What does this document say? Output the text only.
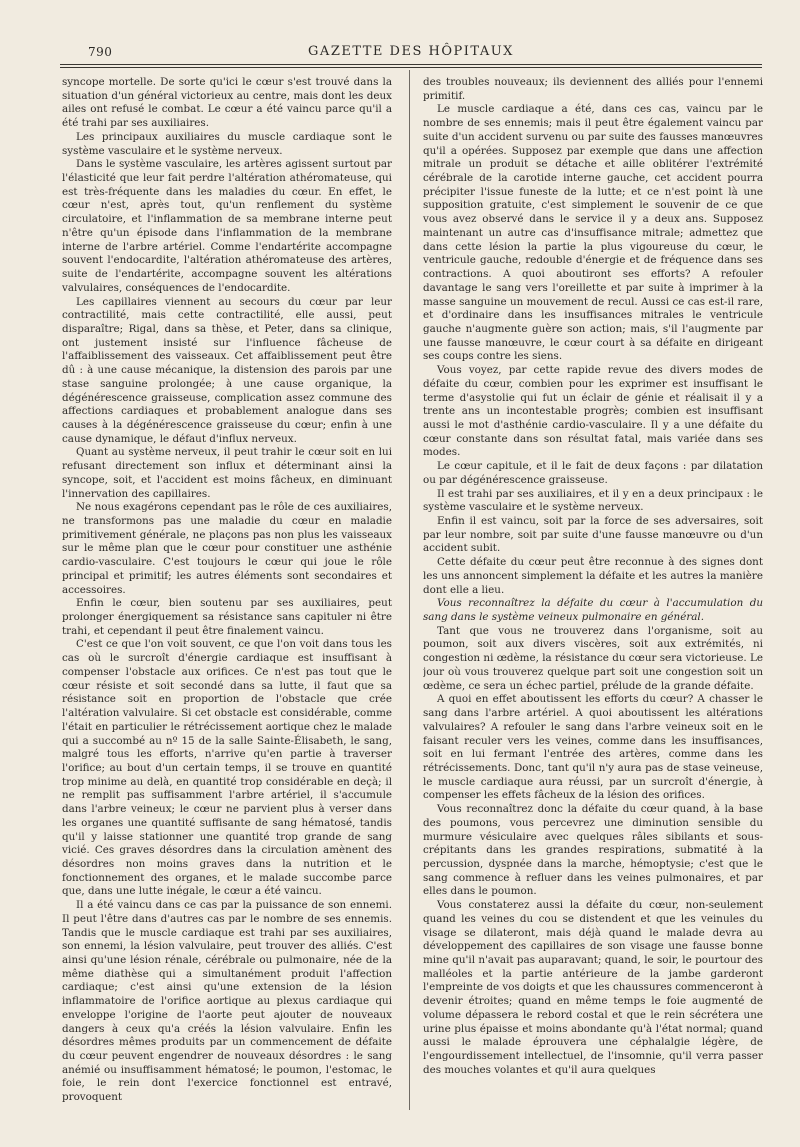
790	GAZETTE DES HÔPITAUX

syncope mortelle. De sorte qu'ici le cœur s'est trouvé dans la situation d'un général victorieux au centre, mais dont les deux ailes ont refusé le combat. Le cœur a été vaincu parce qu'il a été trahi par ses auxiliaires.

Les principaux auxiliaires du muscle cardiaque sont le système vasculaire et le système nerveux.

Dans le système vasculaire, les artères agissent surtout par l'élasticité que leur fait perdre l'altération athéromateuse, qui est très-fréquente dans les maladies du cœur. En effet, le cœur n'est, après tout, qu'un renflement du système circulatoire, et l'inflammation de sa membrane interne peut n'être qu'un épisode dans l'inflammation de la membrane interne de l'arbre artériel. Comme l'endartérite accompagne souvent l'endocardite, l'altération athéromateuse des artères, suite de l'endartérite, accompagne souvent les altérations valvulaires, conséquences de l'endocardite.

Les capillaires viennent au secours du cœur par leur contractilité, mais cette contractilité, elle aussi, peut disparaître; Rigal, dans sa thèse, et Peter, dans sa clinique, ont justement insisté sur l'influence fâcheuse de l'affaiblissement des vaisseaux. Cet affaiblissement peut être dû : à une cause mécanique, la distension des parois par une stase sanguine prolongée; à une cause organique, la dégénérescence graisseuse, complication assez commune des affections cardiaques et probablement analogue dans ses causes à la dégénérescence graisseuse du cœur; enfin à une cause dynamique, le défaut d'influx nerveux.

Quant au système nerveux, il peut trahir le cœur soit en lui refusant directement son influx et déterminant ainsi la syncope, soit, et l'accident est moins fâcheux, en diminuant l'innervation des capillaires.

Ne nous exagérons cependant pas le rôle de ces auxiliaires, ne transformons pas une maladie du cœur en maladie primitivement générale, ne plaçons pas non plus les vaisseaux sur le même plan que le cœur pour constituer une asthénie cardio-vasculaire. C'est toujours le cœur qui joue le rôle principal et primitif; les autres éléments sont secondaires et accessoires.

Enfin le cœur, bien soutenu par ses auxiliaires, peut prolonger énergiquement sa résistance sans capituler ni être trahi, et cependant il peut être finalement vaincu.

C'est ce que l'on voit souvent, ce que l'on voit dans tous les cas où le surcroît d'énergie cardiaque est insuffisant à compenser l'obstacle aux orifices. Ce n'est pas tout que le cœur résiste et soit secondé dans sa lutte, il faut que sa résistance soit en proportion de l'obstacle que crée l'altération valvulaire. Si cet obstacle est considérable, comme l'était en particulier le rétrécissement aortique chez le malade qui a succombé au nº 15 de la salle Sainte-Élisabeth, le sang, malgré tous les efforts, n'arrive qu'en partie à traverser l'orifice; au bout d'un certain temps, il se trouve en quantité trop minime au delà, en quantité trop considérable en deçà; il ne remplit pas suffisamment l'arbre artériel, il s'accumule dans l'arbre veineux; le cœur ne parvient plus à verser dans les organes une quantité suffisante de sang hématosé, tandis qu'il y laisse stationner une quantité trop grande de sang vicié. Ces graves désordres dans la circulation amènent des désordres non moins graves dans la nutrition et le fonctionnement des organes, et le malade succombe parce que, dans une lutte inégale, le cœur a été vaincu.

Il a été vaincu dans ce cas par la puissance de son ennemi. Il peut l'être dans d'autres cas par le nombre de ses ennemis. Tandis que le muscle cardiaque est trahi par ses auxiliaires, son ennemi, la lésion valvulaire, peut trouver des alliés. C'est ainsi qu'une lésion rénale, cérébrale ou pulmonaire, née de la même diathèse qui a simultanément produit l'affection cardiaque; c'est ainsi qu'une extension de la lésion inflammatoire de l'orifice aortique au plexus cardiaque qui enveloppe l'origine de l'aorte peut ajouter de nouveaux dangers à ceux qu'a créés la lésion valvulaire. Enfin les désordres mêmes produits par un commencement de défaite du cœur peuvent engendrer de nouveaux désordres : le sang anémié ou insuffisamment hématosé; le poumon, l'estomac, le foie, le rein dont l'exercice fonctionnel est entravé, provoquent

des troubles nouveaux; ils deviennent des alliés pour l'ennemi primitif.

Le muscle cardiaque a été, dans ces cas, vaincu par le nombre de ses ennemis; mais il peut être également vaincu par suite d'un accident survenu ou par suite des fausses manœuvres qu'il a opérées. Supposez par exemple que dans une affection mitrale un produit se détache et aille oblitérer l'extrémité cérébrale de la carotide interne gauche, cet accident pourra précipiter l'issue funeste de la lutte; et ce n'est point là une supposition gratuite, c'est simplement le souvenir de ce que vous avez observé dans le service il y a deux ans. Supposez maintenant un autre cas d'insuffisance mitrale; admettez que dans cette lésion la partie la plus vigoureuse du cœur, le ventricule gauche, redouble d'énergie et de fréquence dans ses contractions. A quoi aboutiront ses efforts? A refouler davantage le sang vers l'oreillette et par suite à imprimer à la masse sanguine un mouvement de recul. Aussi ce cas est-il rare, et d'ordinaire dans les insuffisances mitrales le ventricule gauche n'augmente guère son action; mais, s'il l'augmente par une fausse manœuvre, le cœur court à sa défaite en dirigeant ses coups contre les siens.

Vous voyez, par cette rapide revue des divers modes de défaite du cœur, combien pour les exprimer est insuffisant le terme d'asystolie qui fut un éclair de génie et réalisait il y a trente ans un incontestable progrès; combien est insuffisant aussi le mot d'asthénie cardio-vasculaire. Il y a une défaite du cœur constante dans son résultat fatal, mais variée dans ses modes.

Le cœur capitule, et il le fait de deux façons : par dilatation ou par dégénérescence graisseuse.

Il est trahi par ses auxiliaires, et il y en a deux principaux : le système vasculaire et le système nerveux.

Enfin il est vaincu, soit par la force de ses adversaires, soit par leur nombre, soit par suite d'une fausse manœuvre ou d'un accident subit.

Cette défaite du cœur peut être reconnue à des signes dont les uns annoncent simplement la défaite et les autres la manière dont elle a lieu.

Vous reconnaîtrez la défaite du cœur à l'accumulation du sang dans le système veineux pulmonaire en général.

Tant que vous ne trouverez dans l'organisme, soit au poumon, soit aux divers viscères, soit aux extrémités, ni congestion ni œdème, la résistance du cœur sera victorieuse. Le jour où vous trouverez quelque part soit une congestion soit un œdème, ce sera un échec partiel, prélude de la grande défaite.

A quoi en effet aboutissent les efforts du cœur? A chasser le sang dans l'arbre artériel. A quoi aboutissent les altérations valvulaires? A refouler le sang dans l'arbre veineux soit en le faisant reculer vers les veines, comme dans les insuffisances, soit en lui fermant l'entrée des artères, comme dans les rétrécissements. Donc, tant qu'il n'y aura pas de stase veineuse, le muscle cardiaque aura réussi, par un surcroît d'énergie, à compenser les effets fâcheux de la lésion des orifices.

Vous reconnaîtrez donc la défaite du cœur quand, à la base des poumons, vous percevrez une diminution sensible du murmure vésiculaire avec quelques râles sibilants et sous-crépitants dans les grandes respirations, submatité à la percussion, dyspnée dans la marche, hémoptysie; c'est que le sang commence à refluer dans les veines pulmonaires, et par elles dans le poumon.

Vous constaterez aussi la défaite du cœur, non-seulement quand les veines du cou se distendent et que les veinules du visage se dilateront, mais déjà quand le malade devra au développement des capillaires de son visage une fausse bonne mine qu'il n'avait pas auparavant; quand, le soir, le pourtour des malléoles et la partie antérieure de la jambe garderont l'empreinte de vos doigts et que les chaussures commenceront à devenir étroites; quand en même temps le foie augmenté de volume dépassera le rebord costal et que le rein sécrétera une urine plus épaisse et moins abondante qu'à l'état normal; quand aussi le malade éprouvera une céphalalgie légère, de l'engourdissement intellectuel, de l'insomnie, qu'il verra passer des mouches volantes et qu'il aura quelques
